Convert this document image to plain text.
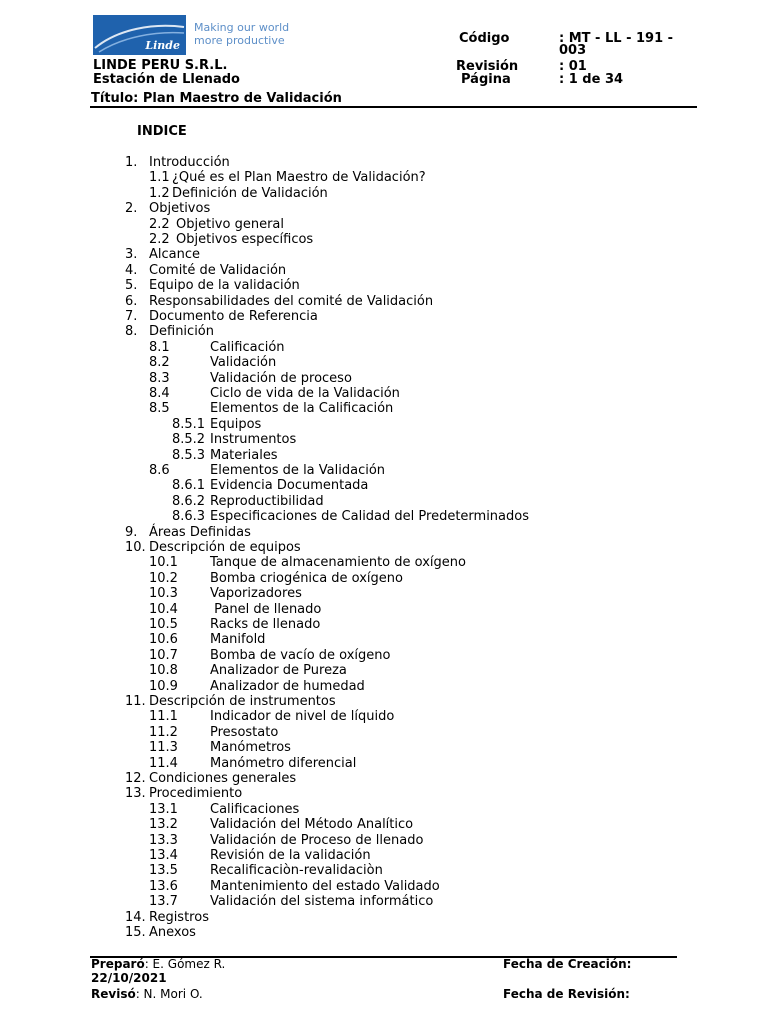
Linde
Making our world
more productive
LINDE PERU S.R.L.
Estación de Llenado
Título: Plan Maestro de Validación
Código	: MT - LL - 191 -
003
Revisión	: 01
Página	: 1 de 34
INDICE
1. Introducción
1.1 ¿Qué es el Plan Maestro de Validación?
1.2 Definición de Validación
2. Objetivos
2.2 Objetivo general
2.2 Objetivos específicos
3. Alcance
4. Comité de Validación
5. Equipo de la validación
6. Responsabilidades del comité de Validación
7. Documento de Referencia
8. Definición
8.1	Calificación
8.2	Validación
8.3	Validación de proceso
8.4	Ciclo de vida de la Validación
8.5	Elementos de la Calificación
8.5.1 Equipos
8.5.2 Instrumentos
8.5.3 Materiales
8.6	Elementos de la Validación
8.6.1 Evidencia Documentada
8.6.2 Reproductibilidad
8.6.3 Especificaciones de Calidad del Predeterminados
9. Áreas Definidas
10. Descripción de equipos
10.1 Tanque de almacenamiento de oxígeno
10.2 Bomba criogénica de oxígeno
10.3 Vaporizadores
10.4 Panel de llenado
10.5 Racks de llenado
10.6 Manifold
10.7 Bomba de vacío de oxígeno
10.8 Analizador de Pureza
10.9 Analizador de humedad
11. Descripción de instrumentos
11.1 Indicador de nivel de líquido
11.2 Presostato
11.3 Manómetros
11.4 Manómetro diferencial
12. Condiciones generales
13. Procedimiento
13.1 Calificaciones
13.2 Validación del Método Analítico
13.3 Validación de Proceso de llenado
13.4 Revisión de la validación
13.5 Recalificaciòn-revalidaciòn
13.6 Mantenimiento del estado Validado
13.7 Validación del sistema informático
14. Registros
15. Anexos
Preparó: E. Gómez R.
22/10/2021
Revisó: N. Mori O.
Fecha de Creación:
Fecha de Revisión:
